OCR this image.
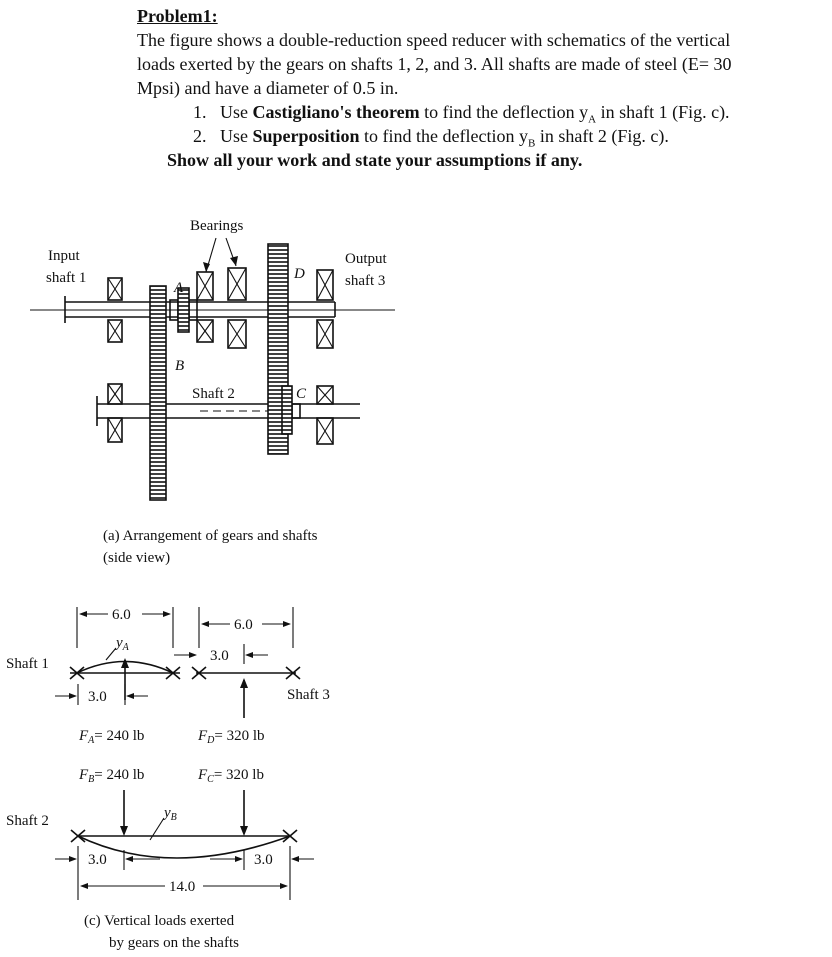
Problem1:
The figure shows a double-reduction speed reducer with schematics of the vertical
loads exerted by the gears on shafts 1, 2, and 3. All shafts are made of steel (E= 30
Mpsi) and have a diameter of 0.5 in.
1. Use Castigliano's theorem to find the deflection $y_A$ in shaft 1 (Fig. c).
2. Use Superposition to find the deflection $y_B$ in shaft 2 (Fig. c).
Show all your work and state your assumptions if any.
Bearings
Input
shaft 1
Output
shaft 3
A
B
D
C
Shaft 2
(a) Arrangement of gears and shafts
(side view)
6.0
$y_A$
Shaft 1
3.0
6.0
3.0
Shaft 3
$F_A= 240$ lb	$F_D= 320$ lb
$F_B= 240$ lb	$F_C= 320$ lb
$y_B$
Shaft 2
3.0	3.0
14.0
(c) Vertical loads exerted
by gears on the shafts
